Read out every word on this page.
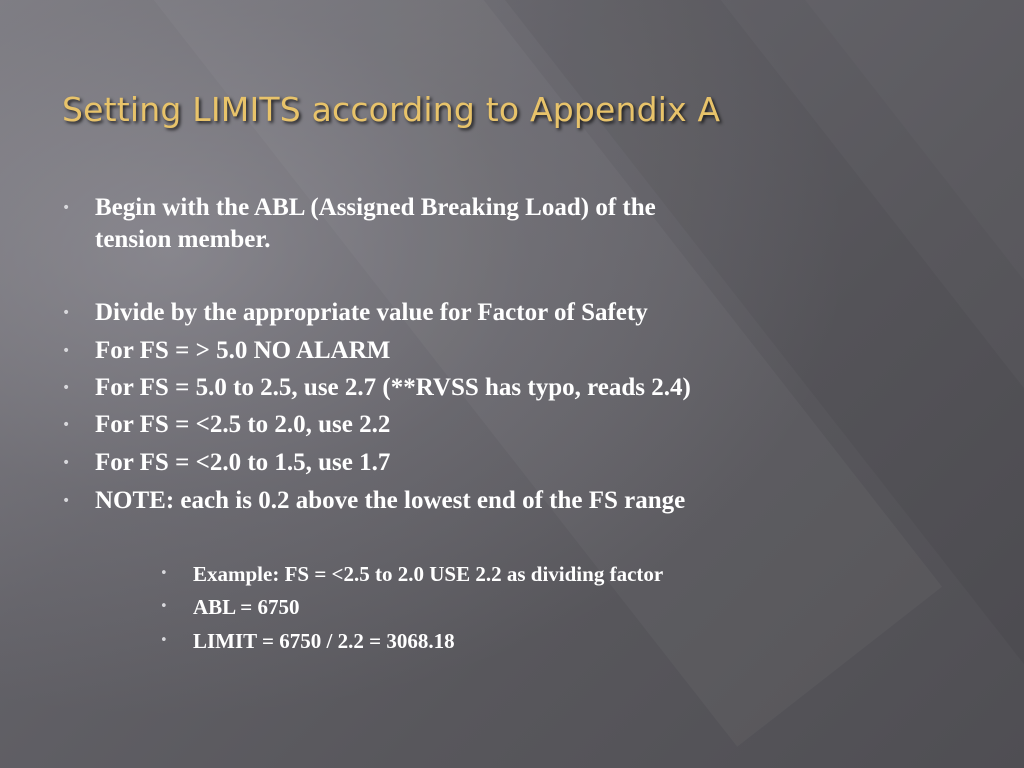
Setting LIMITS according to Appendix A
• Begin with the ABL (Assigned Breaking Load) of the
tension member.
• Divide by the appropriate value for Factor of Safety
• For FS = > 5.0 NO ALARM
• For FS = 5.0 to 2.5, use 2.7 (**RVSS has typo, reads 2.4)
• For FS = <2.5 to 2.0, use 2.2
• For FS = <2.0 to 1.5, use 1.7
• NOTE: each is 0.2 above the lowest end of the FS range
• Example: FS = <2.5 to 2.0 USE 2.2 as dividing factor
• ABL = 6750
• LIMIT = 6750 / 2.2 = 3068.18
